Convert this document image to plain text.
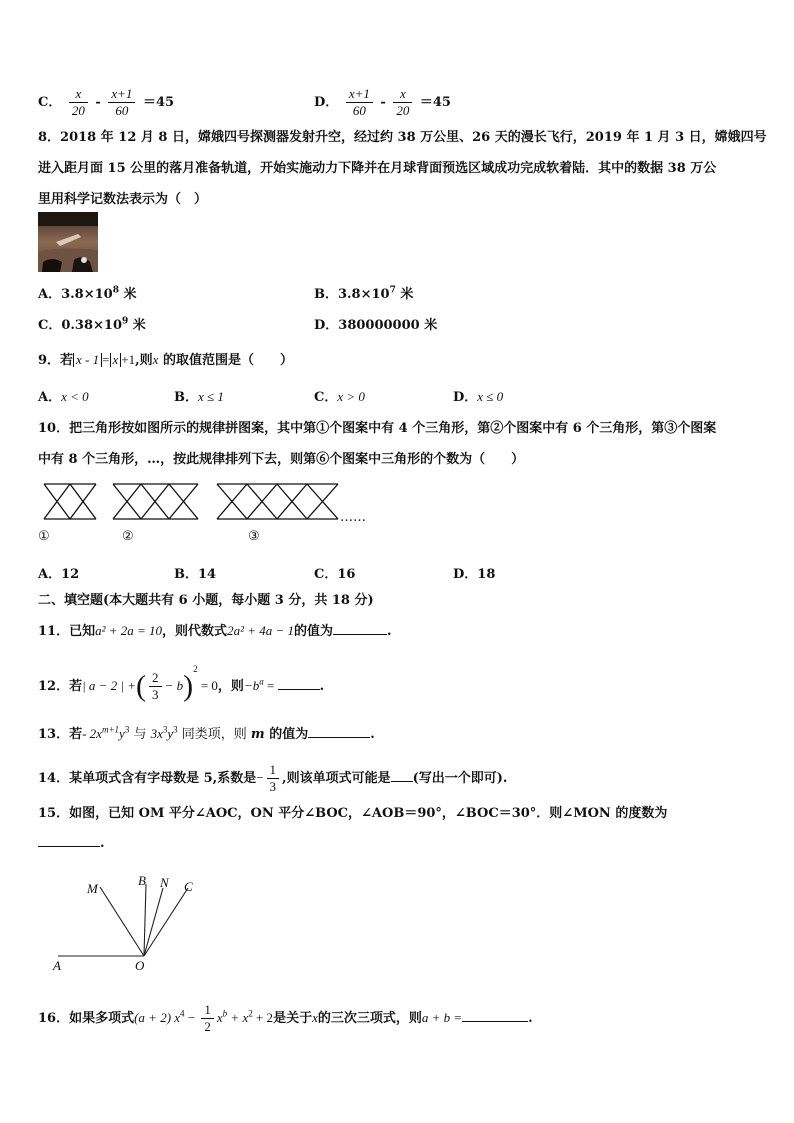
C． $\frac{x}{20} - \frac{x+1}{60} =45$	D． $\frac{x+1}{60} - \frac{x}{20} =45$
8．2018 年 12 月 8 日，嫦娥四号探测器发射升空，经过约 38 万公里、26 天的漫长飞行，2019 年 1 月 3 日，嫦娥四号
进入距月面 15 公里的落月准备轨道，开始实施动力下降并在月球背面预选区域成功完成软着陆．其中的数据 38 万公
里用科学记数法表示为（　）
A．$3.8\times 10^8$ 米	B．$3.8\times 10^7$ 米
C．$0.38\times 10^9$ 米	D．380000000 米
9．若 x - 1 = x +1,则x 的取值范围是（　　）
A．x < 0	B．x ≤ 1	C．x > 0	D．x ≤ 0
10．把三角形按如图所示的规律拼图案，其中第①个图案中有 4 个三角形，第②个图案中有 6 个三角形，第③个图案
中有 8 个三角形，…，按此规律排列下去，则第⑥个图案中三角形的个数为（　　）
……
①	②	③
A．12	B．14	C．16	D．18
二、填空题(本大题共有 6 小题，每小题 3 分，共 18 分)
11．已知a² + 2a = 10，则代数式2a² + 4a − 1的值为	.
12．若| a − 2 | +( $\frac{2}{3} - b)^2 = 0$，则$-b^a$ =	.
13．若- $2x^{m+1}y^3$ 与 $3x^3y^3$ 同类项，则 m 的值为	.
14．某单项式含有字母数是 5,系数是− $\frac{1}{3}$ ,则该单项式可能是 (写出一个即可).
15．如图，已知 OM 平分∠AOC，ON 平分∠BOC，∠AOB＝90°，∠BOC＝30°．则∠MON 的度数为
.
M
B N C
A	O
16．如果多项式(a + 2) $x^4 - \frac{1}{2} x^b + x^2 + 2$是关于x的三次三项式，则a + b =	.
